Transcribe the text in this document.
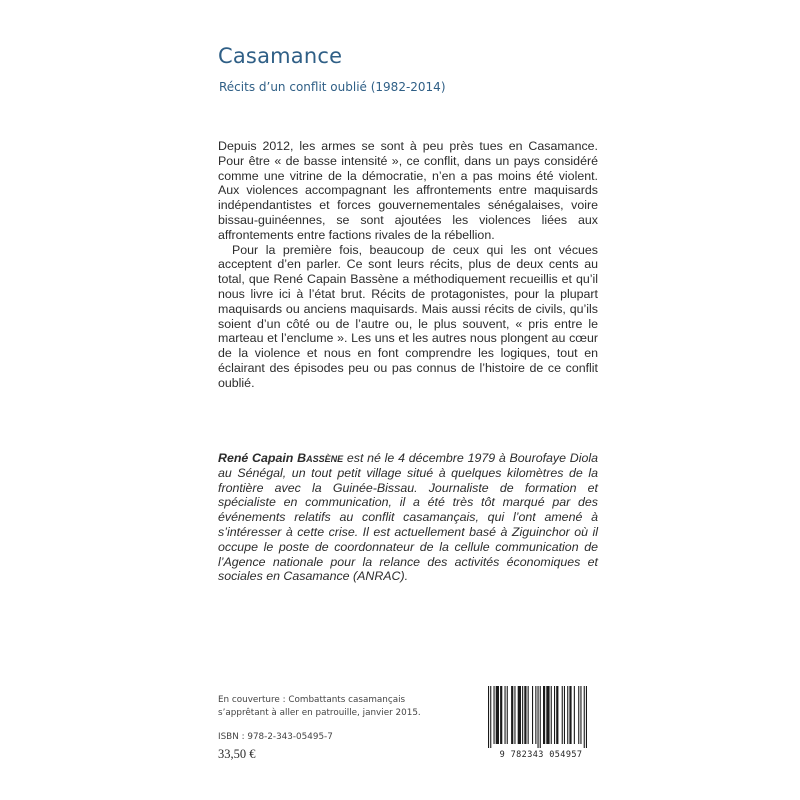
Casamance
Récits d’un conflit oublié (1982-2014)

Depuis 2012, les armes se sont à peu près tues en Casamance. Pour être « de basse intensité », ce conflit, dans un pays considéré comme une vitrine de la démocratie, n’en a pas moins été violent. Aux violences accompagnant les affrontements entre maquisards indépendantistes et forces gouvernementales sénégalaises, voire bissau-guinéennes, se sont ajoutées les violences liées aux affrontements entre factions rivales de la rébellion.

Pour la première fois, beaucoup de ceux qui les ont vécues acceptent d’en parler. Ce sont leurs récits, plus de deux cents au total, que René Capain Bassène a méthodiquement recueillis et qu’il nous livre ici à l’état brut. Récits de protagonistes, pour la plupart maquisards ou anciens maquisards. Mais aussi récits de civils, qu’ils soient d’un côté ou de l’autre ou, le plus souvent, « pris entre le marteau et l’enclume ». Les uns et les autres nous plongent au cœur de la violence et nous en font comprendre les logiques, tout en éclairant des épisodes peu ou pas connus de l’histoire de ce conflit oublié.

René Capain Bassène est né le 4 décembre 1979 à Bourofaye Diola au Sénégal, un tout petit village situé à quelques kilomètres de la frontière avec la Guinée-Bissau. Journaliste de formation et spécialiste en communication, il a été très tôt marqué par des événements relatifs au conflit casamançais, qui l’ont amené à s’intéresser à cette crise. Il est actuellement basé à Ziguinchor où il occupe le poste de coordonnateur de la cellule communication de l’Agence nationale pour la relance des activités économiques et sociales en Casamance (ANRAC).
En couverture : Combattants casamançais
s’apprêtant à aller en patrouille, janvier 2015.
ISBN : 978-2-343-05495-7
33,50 €	9 782343 054957
